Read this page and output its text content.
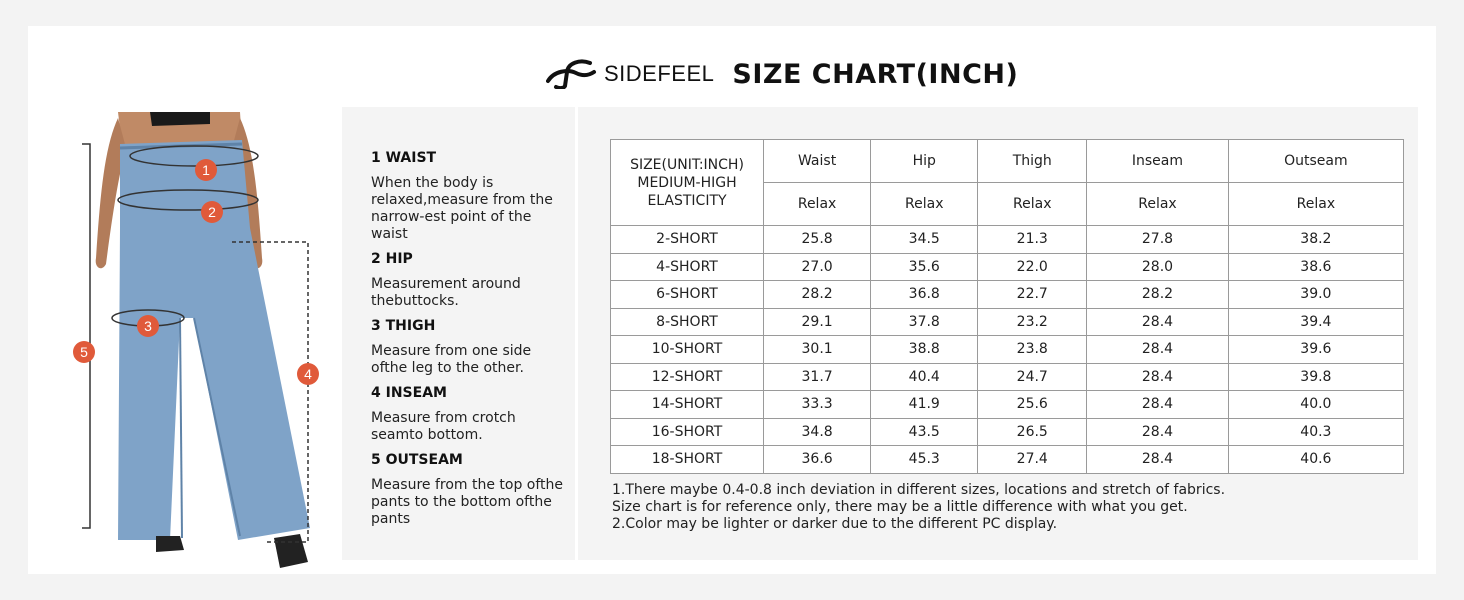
SIDEFEEL SIZE CHART(INCH)
1
2
3
4
5
1 WAIST
When the body is relaxed,measure from the narrow-est point of the waist
2 HIP
Measurement around thebuttocks.
3 THIGH
Measure from one side ofthe leg to the other.
4 INSEAM
Measure from crotch seamto bottom.
5 OUTSEAM
Measure from the top ofthe pants to the bottom ofthe pants
SIZE(UNIT:INCH)
MEDIUM-HIGH
ELASTICITY	Waist	Hip	Thigh	Inseam	Outseam
	Relax	Relax	Relax	Relax	Relax
2-SHORT	25.8	34.5	21.3	27.8	38.2
4-SHORT	27.0	35.6	22.0	28.0	38.6
6-SHORT	28.2	36.8	22.7	28.2	39.0
8-SHORT	29.1	37.8	23.2	28.4	39.4
10-SHORT	30.1	38.8	23.8	28.4	39.6
12-SHORT	31.7	40.4	24.7	28.4	39.8
14-SHORT	33.3	41.9	25.6	28.4	40.0
16-SHORT	34.8	43.5	26.5	28.4	40.3
18-SHORT	36.6	45.3	27.4	28.4	40.6
1.There maybe 0.4-0.8 inch deviation in different sizes, locations and stretch of fabrics.
Size chart is for reference only, there may be a little difference with what you get.
2.Color may be lighter or darker due to the different PC display.
